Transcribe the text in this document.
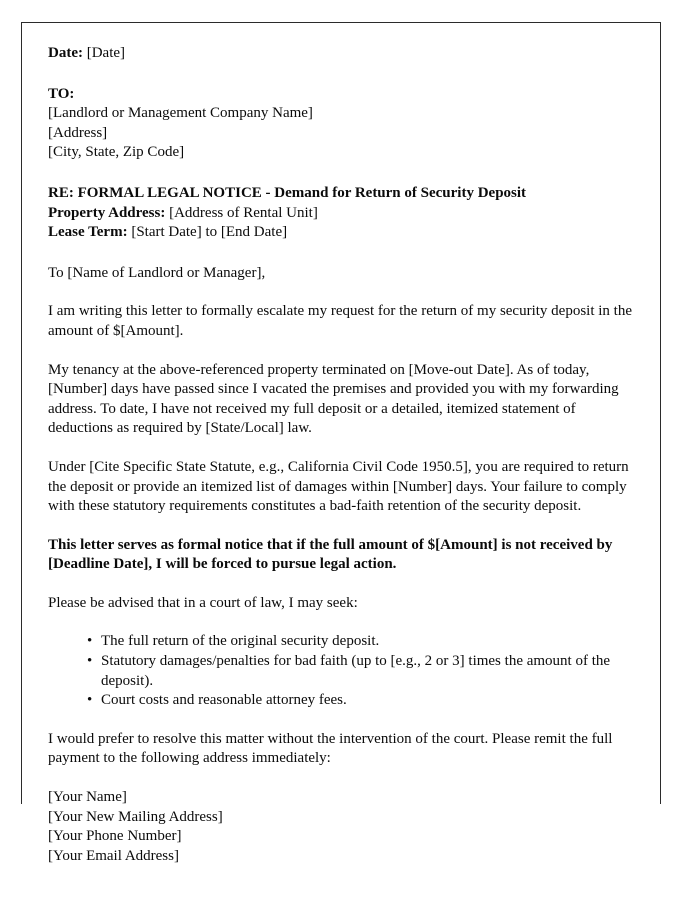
Date: [Date]
TO:
[Landlord or Management Company Name]
[Address]
[City, State, Zip Code]
RE: FORMAL LEGAL NOTICE - Demand for Return of Security Deposit
Property Address: [Address of Rental Unit]
Lease Term: [Start Date] to [End Date]

To [Name of Landlord or Manager],

I am writing this letter to formally escalate my request for the return of my security deposit in the amount of $[Amount].

My tenancy at the above-referenced property terminated on [Move-out Date]. As of today, [Number] days have passed since I vacated the premises and provided you with my forwarding address. To date, I have not received my full deposit or a detailed, itemized statement of deductions as required by [State/Local] law.

Under [Cite Specific State Statute, e.g., California Civil Code 1950.5], you are required to return the deposit or provide an itemized list of damages within [Number] days. Your failure to comply with these statutory requirements constitutes a bad-faith retention of the security deposit.

This letter serves as formal notice that if the full amount of $[Amount] is not received by [Deadline Date], I will be forced to pursue legal action.

Please be advised that in a court of law, I may seek:

• The full return of the original security deposit.
• Statutory damages/penalties for bad faith (up to [e.g., 2 or 3] times the amount of the deposit).
• Court costs and reasonable attorney fees.

I would prefer to resolve this matter without the intervention of the court. Please remit the full payment to the following address immediately:

[Your Name]
[Your New Mailing Address]
[Your Phone Number]
[Your Email Address]
